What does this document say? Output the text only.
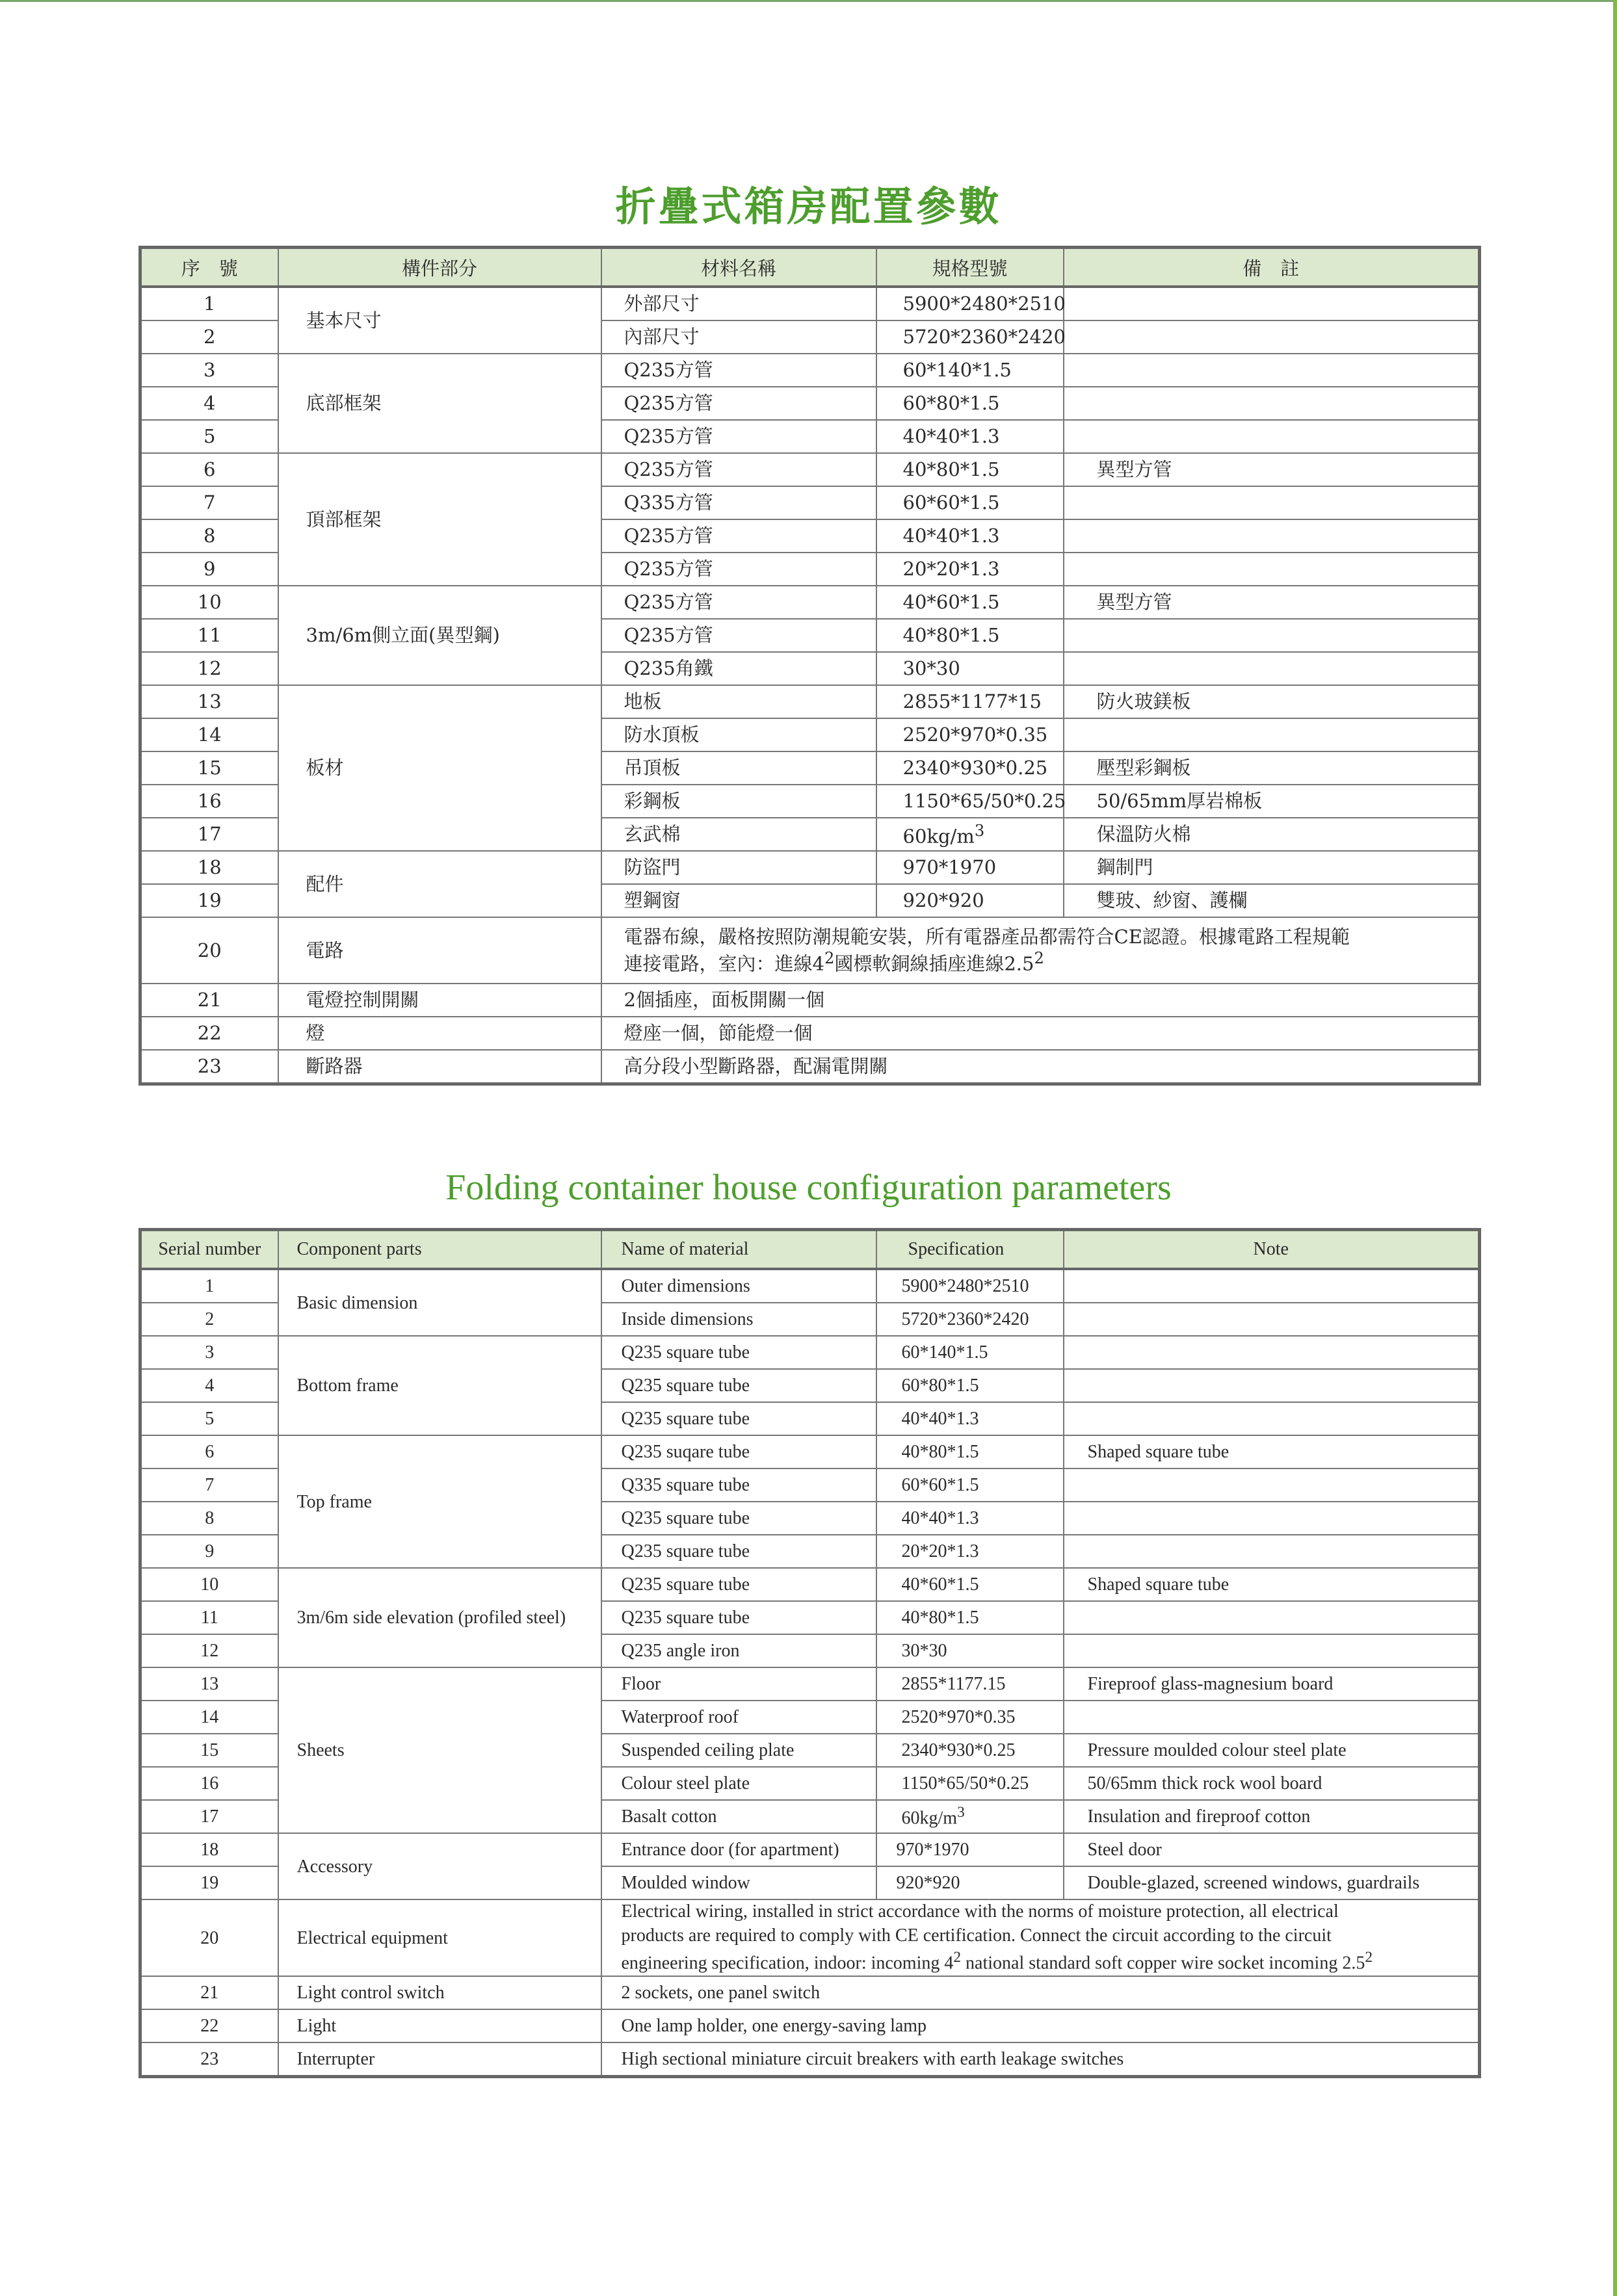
折疊式箱房配置參數
序　號	構件部分	材料名稱	規格型號	備　註
1	基本尺寸	外部尺寸	5900*2480*2510	
2		內部尺寸	5720*2360*2420	
3	底部框架	Q235方管	60*140*1.5	
4		Q235方管	60*80*1.5	
5		Q235方管	40*40*1.3	
6	頂部框架	Q235方管	40*80*1.5	異型方管
7		Q335方管	60*60*1.5	
8		Q235方管	40*40*1.3	
9		Q235方管	20*20*1.3	
10	3m/6m側立面(異型鋼)	Q235方管	40*60*1.5	異型方管
11		Q235方管	40*80*1.5	
12		Q235角鐵	30*30	
13	板材	地板	2855*1177*15	防火玻鎂板
14		防水頂板	2520*970*0.35	
15		吊頂板	2340*930*0.25	壓型彩鋼板
16		彩鋼板	1150*65/50*0.25	50/65mm厚岩棉板
17		玄武棉	$60kg/m^3$	保溫防火棉
18	配件	防盜門	970*1970	鋼制門
19		塑鋼窗	920*920	雙玻、紗窗、護欄
20	電路	電器布線，嚴格按照防潮規範安裝，所有電器產品都需符合CE認證。根據電路工程規範
連接電路，室內：進線$4^2$國標軟銅線插座進線$2.5^2$

21	電燈控制開關	2個插座，面板開關一個		
22	燈	燈座一個，節能燈一個		
23	斷路器	高分段小型斷路器，配漏電開關		
Folding container house configuration parameters
Serial number	Component parts	Name of material	Specification	Note
1	Basic dimension	Outer dimensions	5900*2480*2510	
2		Inside dimensions	5720*2360*2420	
3	Bottom frame	Q235 square tube	60*140*1.5	
4		Q235 square tube	60*80*1.5	
5		Q235 square tube	40*40*1.3	
6	Top frame	Q235 suqare tube	40*80*1.5	Shaped square tube
7		Q335 square tube	60*60*1.5	
8		Q235 square tube	40*40*1.3	
9		Q235 square tube	20*20*1.3	
10	3m/6m side elevation (profiled steel)	Q235 square tube	40*60*1.5	Shaped square tube
11		Q235 square tube	40*80*1.5	
12		Q235 angle iron	30*30	
13	Sheets	Floor	2855*1177.15	Fireproof glass-magnesium board
14		Waterproof roof	2520*970*0.35	
15		Suspended ceiling plate	2340*930*0.25	Pressure moulded colour steel plate
16		Colour steel plate	1150*65/50*0.25	50/65mm thick rock wool board
17		Basalt cotton	$60kg/m^3$	Insulation and fireproof cotton
18	Accessory	Entrance door (for apartment)	970*1970	Steel door
19		Moulded window	920*920	Double-glazed, screened windows, guardrails
20	Electrical equipment	Electrical wiring, installed in strict accordance with the norms of moisture protection, all electrical
products are required to comply with CE certification. Connect the circuit according to the circuit
engineering specification, indoor: incoming $4^2$ national standard soft copper wire socket incoming $2.5^2$

21	Light control switch	2 sockets, one panel switch		
22	Light	One lamp holder, one energy-saving lamp		
23	Interrupter	High sectional miniature circuit breakers with earth leakage switches		
